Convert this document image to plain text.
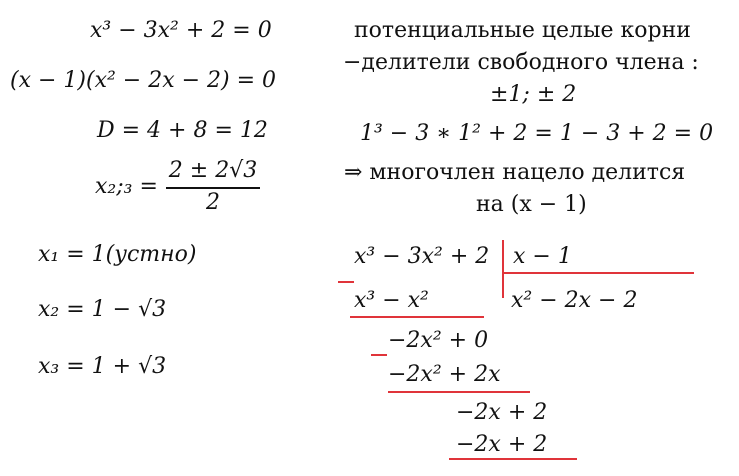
x³ − 3x² + 2 = 0
(x − 1)(x² − 2x − 2) = 0
D = 4 + 8 = 12
x₂;₃ =
2 ± 2√3
2
x₁ = 1(устно)
x₂ = 1 − √3
x₃ = 1 + √3
потенциальные целые корни
−делители свободного члена :
±1; ± 2
1³ − 3 ∗ 1² + 2 = 1 − 3 + 2 = 0
⇒ многочлен нацело делится
на (x − 1)
x³ − 3x² + 2 x − 1
x² − 2x − 2
x³ − x²
−2x² + 0
−2x² + 2x
−2x + 2
−2x + 2
